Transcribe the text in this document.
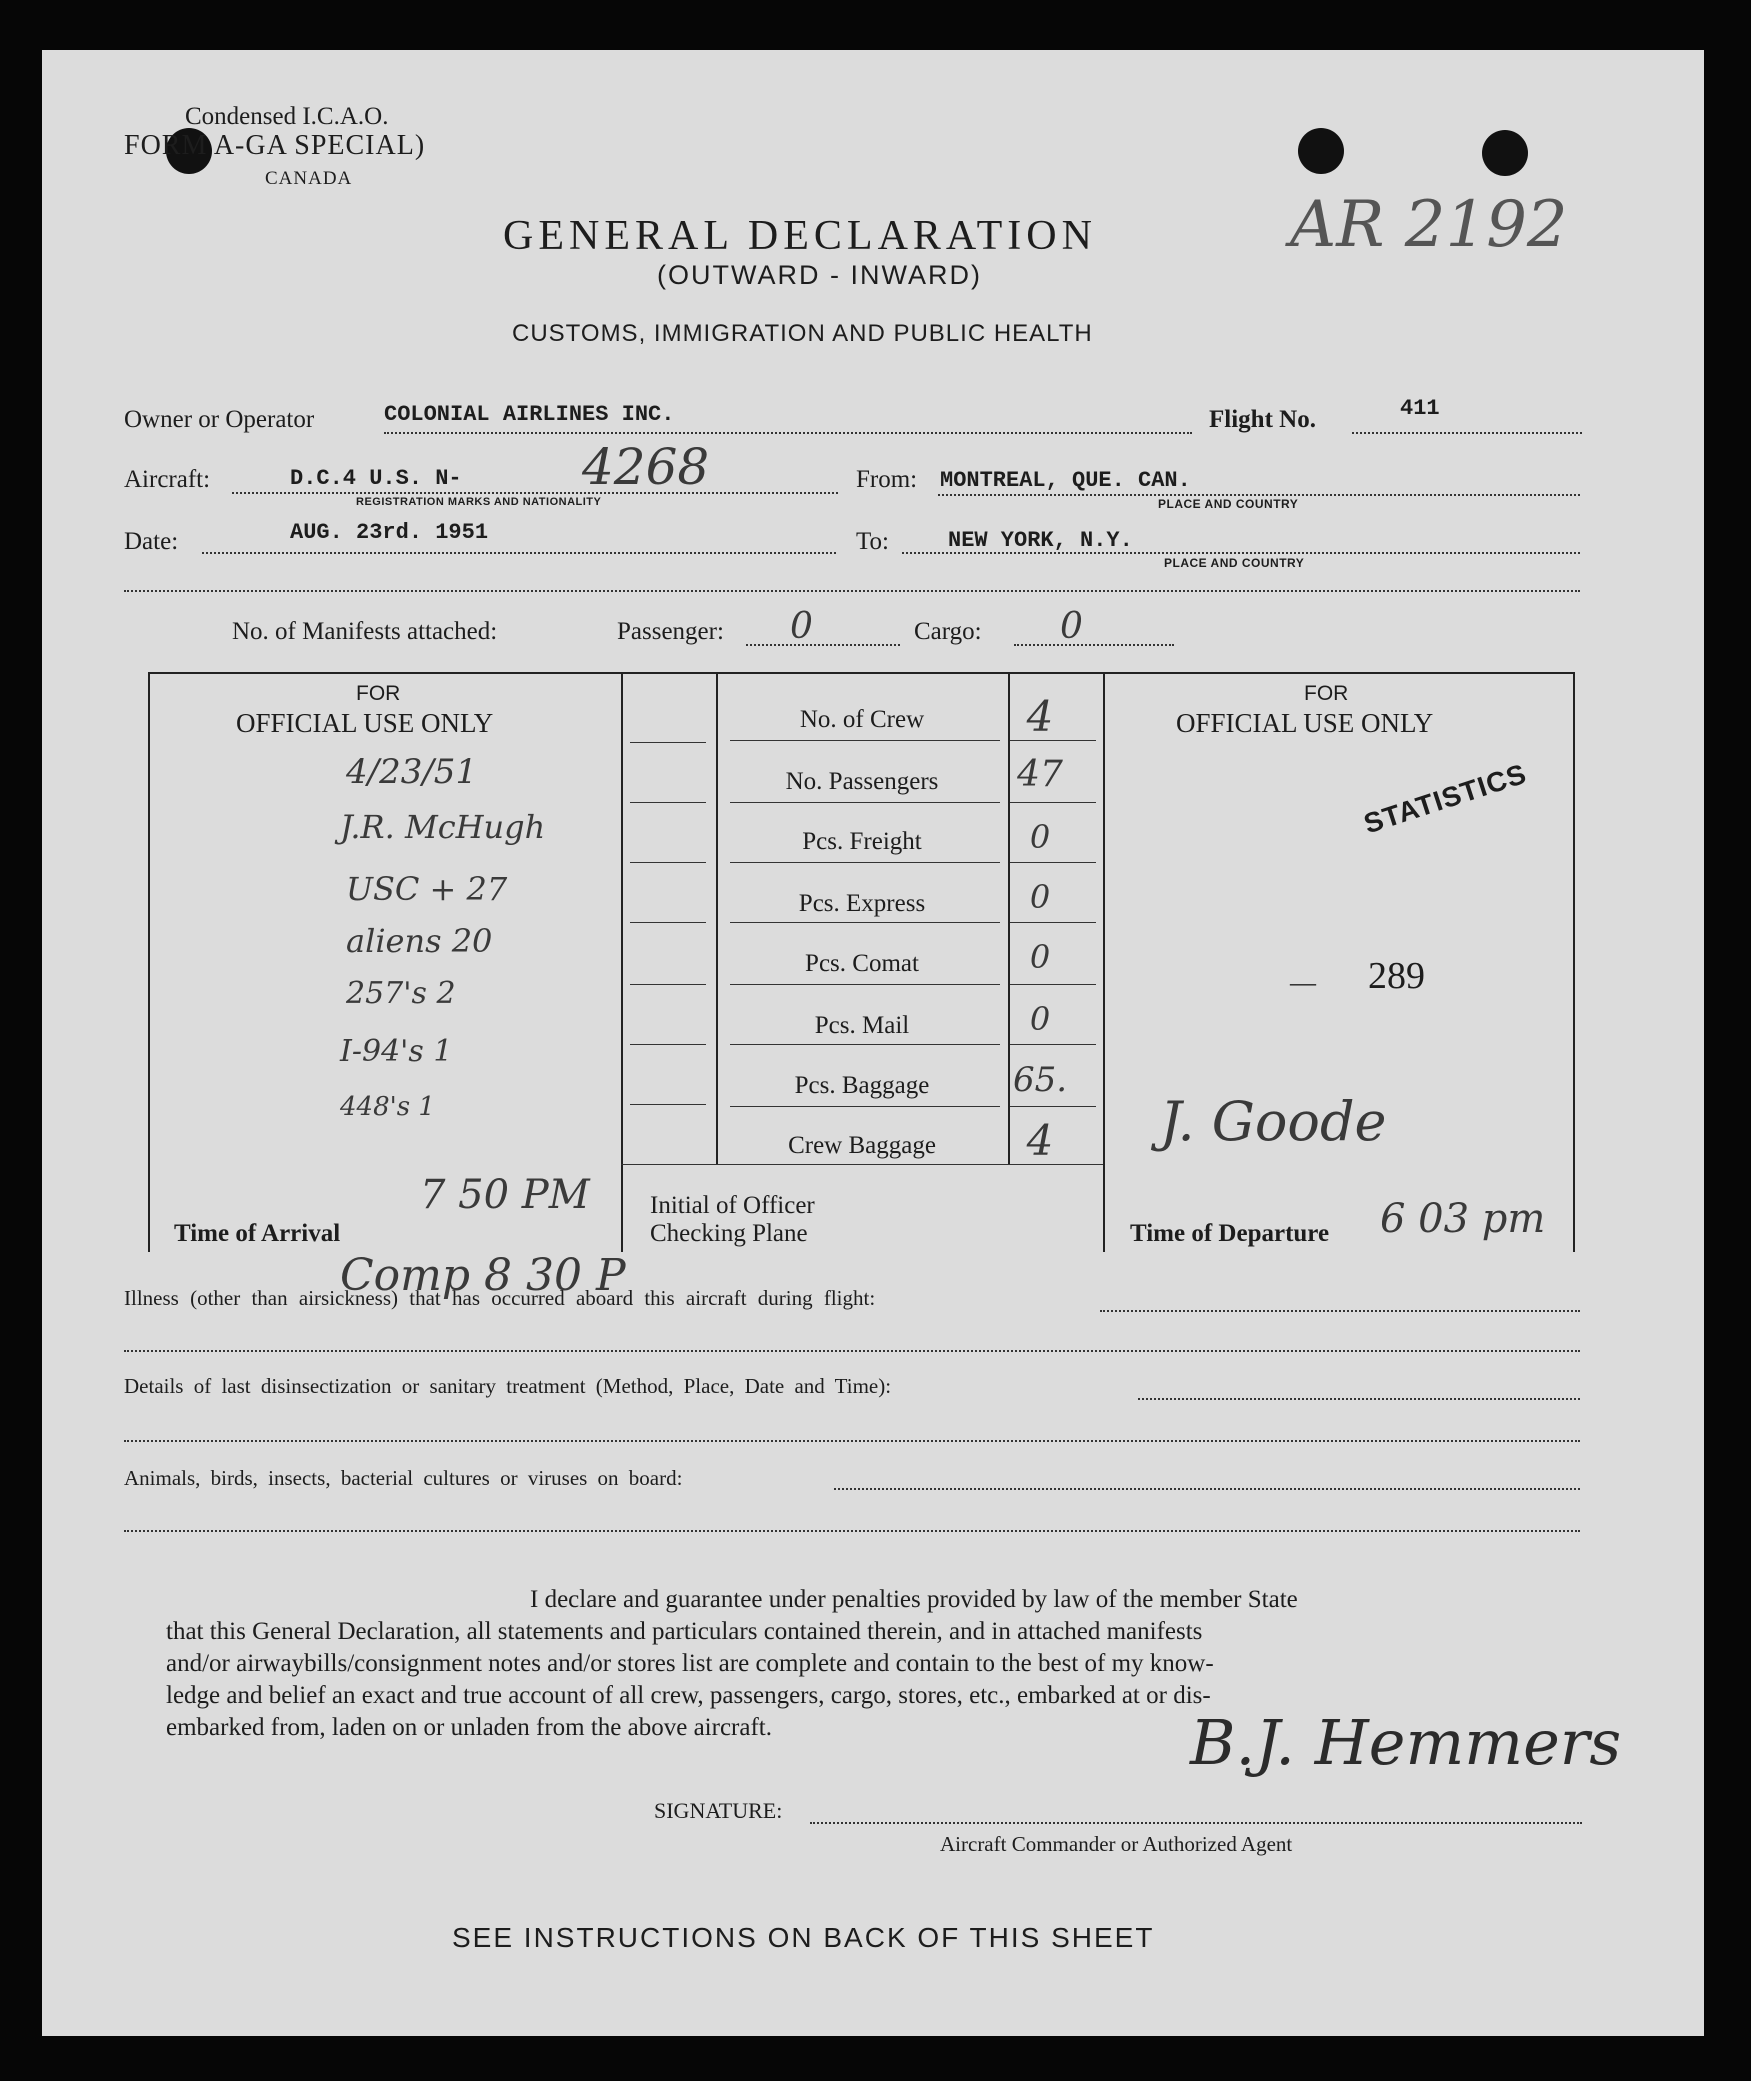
Condensed I.C.A.O.
FORM A-GA SPECIAL)
CANADA
GENERAL DECLARATION
(OUTWARD - INWARD)
CUSTOMS, IMMIGRATION AND PUBLIC HEALTH
AR 2192
Owner or Operator	COLONIAL AIRLINES INC.	Flight No.	411
Aircraft:	D.C.4 U.S. N- 4268
REGISTRATION MARKS AND NATIONALITY
From: MONTREAL, QUE. CAN.
PLACE AND COUNTRY
Date:	AUG. 23rd. 1951	To:	NEW YORK, N.Y.
PLACE AND COUNTRY
No. of Manifests attached:	Passenger: 0	Cargo: 0
FOR
OFFICIAL USE ONLY
4/23/51
J.R. McHugh
USC + 27
aliens 20
257's 2
I-94's 1
448's 1
7 50 PM
Time of Arrival
No. of Crew	4
No. Passengers	47
Pcs. Freight	0
Pcs. Express	0
Pcs. Comat	0
Pcs. Mail	0
Pcs. Baggage	65.
Crew Baggage	4
Initial of Officer
Checking Plane
FOR
OFFICIAL USE ONLY
STATISTICS
— 289
J. Goode
Time of Departure 6 03 pm
Illness (other than airsickness) that has occurred aboard this aircraft during flight:
Comp 8 30 P
Details of last disinsectization or sanitary treatment (Method, Place, Date and Time):
Animals, birds, insects, bacterial cultures or viruses on board:
I declare and guarantee under penalties provided by law of the member State
that this General Declaration, all statements and particulars contained therein, and in attached manifests
and/or airwaybills/consignment notes and/or stores list are complete and contain to the best of my know-
ledge and belief an exact and true account of all crew, passengers, cargo, stores, etc., embarked at or dis-
embarked from, laden on or unladen from the above aircraft.
SIGNATURE:
B.J. Hemmers
Aircraft Commander or Authorized Agent
SEE INSTRUCTIONS ON BACK OF THIS SHEET
